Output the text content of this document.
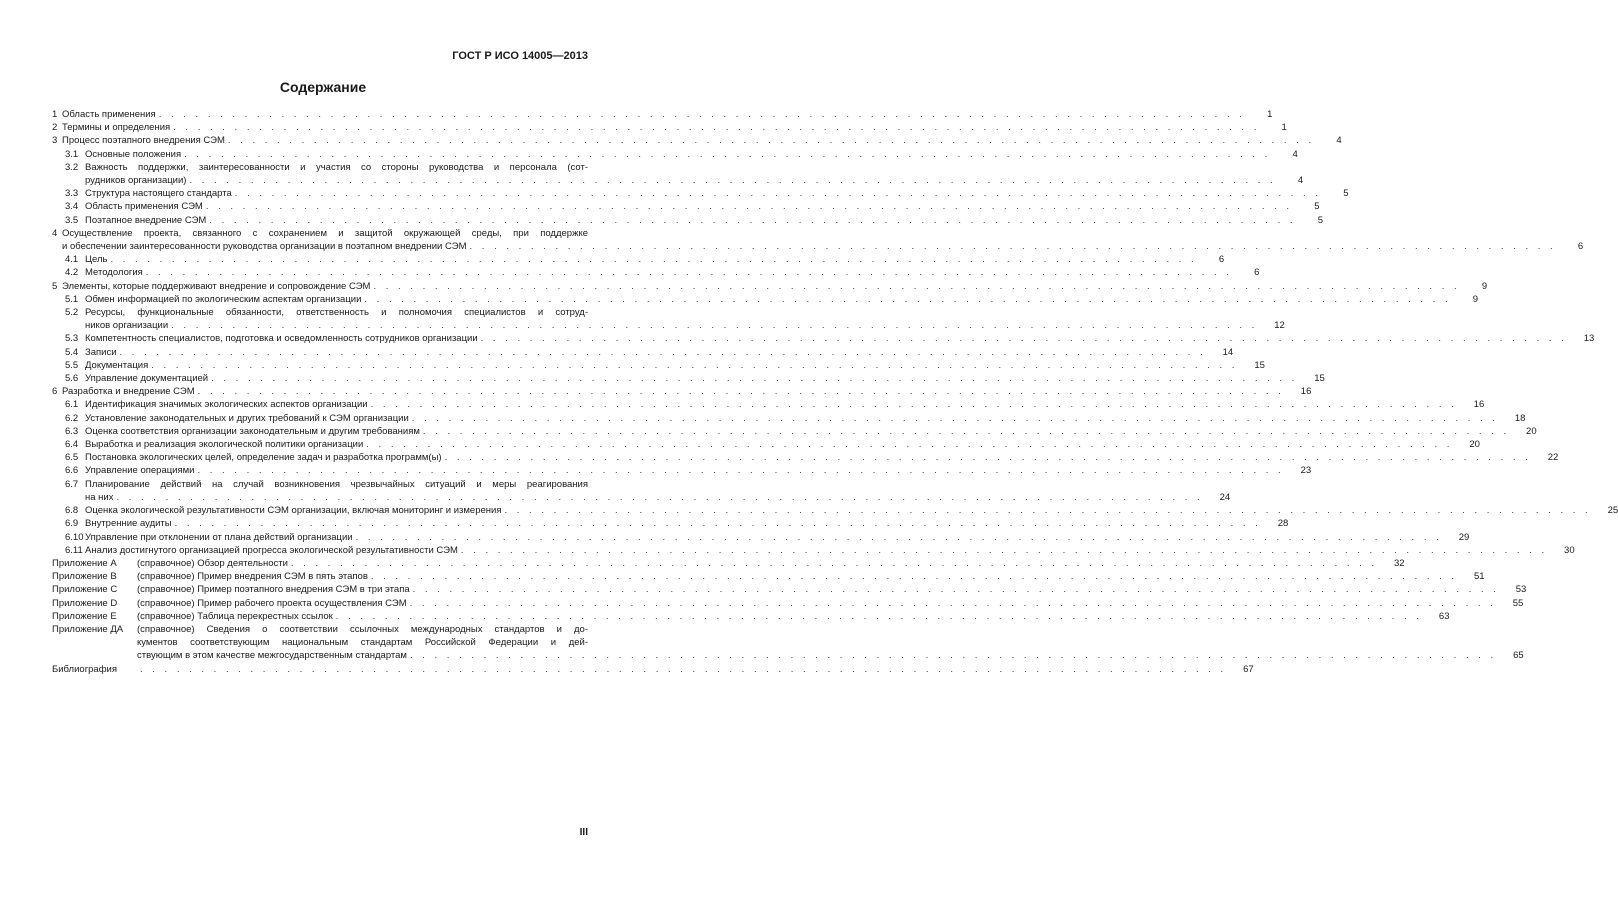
ГОСТ Р ИСО 14005—2013
Содержание
1 Область применения . . . . . . . . . . . . . . . . . . . . . . . . . . . . . . . . . . . . . . . . . . . . . . . . . . . . . . . . . . . . . . . . . . . . . . . . . . . . . . . . . . . . . . . . .	1
2 Термины и определения . . . . . . . . . . . . . . . . . . . . . . . . . . . . . . . . . . . . . . . . . . . . . . . . . . . . . . . . . . . . . . . . . . . . . . . . . . . . . . . . . . . . . . . . .	1
3 Процесс поэтапного внедрения СЭМ . . . . . . . . . . . . . . . . . . . . . . . . . . . . . . . . . . . . . . . . . . . . . . . . . . . . . . . . . . . . . . . . . . . . . . . . . . . . . . . . . . . . . . . . .	4
3.1 Основные положения . . . . . . . . . . . . . . . . . . . . . . . . . . . . . . . . . . . . . . . . . . . . . . . . . . . . . . . . . . . . . . . . . . . . . . . . . . . . . . . . . . . . . . . . .	4
3.2 Важность поддержки, заинтересованности и участия со стороны руководства и персонала (сот-
рудников организации) . . . . . . . . . . . . . . . . . . . . . . . . . . . . . . . . . . . . . . . . . . . . . . . . . . . . . . . . . . . . . . . . . . . . . . . . . . . . . . . . . . . . . . . . .	4
3.3 Структура настоящего стандарта . . . . . . . . . . . . . . . . . . . . . . . . . . . . . . . . . . . . . . . . . . . . . . . . . . . . . . . . . . . . . . . . . . . . . . . . . . . . . . . . . . . . . . . . .	5
3.4 Область применения СЭМ . . . . . . . . . . . . . . . . . . . . . . . . . . . . . . . . . . . . . . . . . . . . . . . . . . . . . . . . . . . . . . . . . . . . . . . . . . . . . . . . . . . . . . . . .	5
3.5 Поэтапное внедрение СЭМ . . . . . . . . . . . . . . . . . . . . . . . . . . . . . . . . . . . . . . . . . . . . . . . . . . . . . . . . . . . . . . . . . . . . . . . . . . . . . . . . . . . . . . . . .	5
4 Осуществление проекта, связанного с сохранением и защитой окружающей среды, при поддержке
и обеспечении заинтересованности руководства организации в поэтапном внедрении СЭМ . . . . . . . . . . . . . . . . . . . . . . . . . . . . . . . . . . . . . . . . . . . . . . . . . . . . . . . . . . . . . . . . . . . . . . . . . . . . . . . . . . . . . . . . .	6
4.1 Цель . . . . . . . . . . . . . . . . . . . . . . . . . . . . . . . . . . . . . . . . . . . . . . . . . . . . . . . . . . . . . . . . . . . . . . . . . . . . . . . . . . . . . . . . .	6
4.2 Методология . . . . . . . . . . . . . . . . . . . . . . . . . . . . . . . . . . . . . . . . . . . . . . . . . . . . . . . . . . . . . . . . . . . . . . . . . . . . . . . . . . . . . . . . .	6
5 Элементы, которые поддерживают внедрение и сопровождение СЭМ . . . . . . . . . . . . . . . . . . . . . . . . . . . . . . . . . . . . . . . . . . . . . . . . . . . . . . . . . . . . . . . . . . . . . . . . . . . . . . . . . . . . . . . . .	9
5.1 Обмен информацией по экологическим аспектам организации . . . . . . . . . . . . . . . . . . . . . . . . . . . . . . . . . . . . . . . . . . . . . . . . . . . . . . . . . . . . . . . . . . . . . . . . . . . . . . . . . . . . . . . . .	9
5.2 Ресурсы, функциональные обязанности, ответственность и полномочия специалистов и сотруд-
ников организации . . . . . . . . . . . . . . . . . . . . . . . . . . . . . . . . . . . . . . . . . . . . . . . . . . . . . . . . . . . . . . . . . . . . . . . . . . . . . . . . . . . . . . . . .	12
5.3 Компетентность специалистов, подготовка и осведомленность сотрудников организации . . . . . . . . . . . . . . . . . . . . . . . . . . . . . . . . . . . . . . . . . . . . . . . . . . . . . . . . . . . . . . . . . . . . . . . . . . . . . . . . . . . . . . . . .	13
5.4 Записи . . . . . . . . . . . . . . . . . . . . . . . . . . . . . . . . . . . . . . . . . . . . . . . . . . . . . . . . . . . . . . . . . . . . . . . . . . . . . . . . . . . . . . . . .	14
5.5 Документация . . . . . . . . . . . . . . . . . . . . . . . . . . . . . . . . . . . . . . . . . . . . . . . . . . . . . . . . . . . . . . . . . . . . . . . . . . . . . . . . . . . . . . . . .	15
5.6 Управление документацией . . . . . . . . . . . . . . . . . . . . . . . . . . . . . . . . . . . . . . . . . . . . . . . . . . . . . . . . . . . . . . . . . . . . . . . . . . . . . . . . . . . . . . . . .	15
6 Разработка и внедрение СЭМ . . . . . . . . . . . . . . . . . . . . . . . . . . . . . . . . . . . . . . . . . . . . . . . . . . . . . . . . . . . . . . . . . . . . . . . . . . . . . . . . . . . . . . . . .	16
6.1 Идентификация значимых экологических аспектов организации . . . . . . . . . . . . . . . . . . . . . . . . . . . . . . . . . . . . . . . . . . . . . . . . . . . . . . . . . . . . . . . . . . . . . . . . . . . . . . . . . . . . . . . . .	16
6.2 Установление законодательных и других требований к СЭМ организации . . . . . . . . . . . . . . . . . . . . . . . . . . . . . . . . . . . . . . . . . . . . . . . . . . . . . . . . . . . . . . . . . . . . . . . . . . . . . . . . . . . . . . . . .	18
6.3 Оценка соответствия организации законодательным и другим требованиям . . . . . . . . . . . . . . . . . . . . . . . . . . . . . . . . . . . . . . . . . . . . . . . . . . . . . . . . . . . . . . . . . . . . . . . . . . . . . . . . . . . . . . . . .	20
6.4 Выработка и реализация экологической политики организации . . . . . . . . . . . . . . . . . . . . . . . . . . . . . . . . . . . . . . . . . . . . . . . . . . . . . . . . . . . . . . . . . . . . . . . . . . . . . . . . . . . . . . . . .	20
6.5 Постановка экологических целей, определение задач и разработка программ(ы) . . . . . . . . . . . . . . . . . . . . . . . . . . . . . . . . . . . . . . . . . . . . . . . . . . . . . . . . . . . . . . . . . . . . . . . . . . . . . . . . . . . . . . . . .	22
6.6 Управление операциями . . . . . . . . . . . . . . . . . . . . . . . . . . . . . . . . . . . . . . . . . . . . . . . . . . . . . . . . . . . . . . . . . . . . . . . . . . . . . . . . . . . . . . . . .	23
6.7 Планирование действий на случай возникновения чрезвычайных ситуаций и меры реагирования
на них . . . . . . . . . . . . . . . . . . . . . . . . . . . . . . . . . . . . . . . . . . . . . . . . . . . . . . . . . . . . . . . . . . . . . . . . . . . . . . . . . . . . . . . . .	24
6.8 Оценка экологической результативности СЭМ организации, включая мониторинг и измерения . . . . . . . . . . . . . . . . . . . . . . . . . . . . . . . . . . . . . . . . . . . . . . . . . . . . . . . . . . . . . . . . . . . . . . . . . . . . . . . . . . . . . . . . .	25
6.9 Внутренние аудиты . . . . . . . . . . . . . . . . . . . . . . . . . . . . . . . . . . . . . . . . . . . . . . . . . . . . . . . . . . . . . . . . . . . . . . . . . . . . . . . . . . . . . . . . .	28
6.10 Управление при отклонении от плана действий организации . . . . . . . . . . . . . . . . . . . . . . . . . . . . . . . . . . . . . . . . . . . . . . . . . . . . . . . . . . . . . . . . . . . . . . . . . . . . . . . . . . . . . . . . .	29
6.11 Анализ достигнутого организацией прогресса экологической результативности СЭМ . . . . . . . . . . . . . . . . . . . . . . . . . . . . . . . . . . . . . . . . . . . . . . . . . . . . . . . . . . . . . . . . . . . . . . . . . . . . . . . . . . . . . . . . .	30
Приложение А	(справочное) Обзор деятельности . . . . . . . . . . . . . . . . . . . . . . . . . . . . . . . . . . . . . . . . . . . . . . . . . . . . . . . . . . . . . . . . . . . . . . . . . . . . . . . . . . . . . . . . .	32
Приложение В	(справочное) Пример внедрения СЭМ в пять этапов . . . . . . . . . . . . . . . . . . . . . . . . . . . . . . . . . . . . . . . . . . . . . . . . . . . . . . . . . . . . . . . . . . . . . . . . . . . . . . . . . . . . . . . . .	51
Приложение С	(справочное) Пример поэтапного внедрения СЭМ в три этапа . . . . . . . . . . . . . . . . . . . . . . . . . . . . . . . . . . . . . . . . . . . . . . . . . . . . . . . . . . . . . . . . . . . . . . . . . . . . . . . . . . . . . . . . .	53
Приложение D	(справочное) Пример рабочего проекта осуществления СЭМ . . . . . . . . . . . . . . . . . . . . . . . . . . . . . . . . . . . . . . . . . . . . . . . . . . . . . . . . . . . . . . . . . . . . . . . . . . . . . . . . . . . . . . . . .	55
Приложение Е	(справочное) Таблица перекрестных ссылок . . . . . . . . . . . . . . . . . . . . . . . . . . . . . . . . . . . . . . . . . . . . . . . . . . . . . . . . . . . . . . . . . . . . . . . . . . . . . . . . . . . . . . . . .	63
Приложение ДА	(справочное) Сведения о соответствии ссылочных международных стандартов и до-
кументов соответствующим национальным стандартам Российской Федерации и дей-
ствующим в этом качестве межгосударственным стандартам . . . . . . . . . . . . . . . . . . . . . . . . . . . . . . . . . . . . . . . . . . . . . . . . . . . . . . . . . . . . . . . . . . . . . . . . . . . . . . . . . . . . . . . . .	65
Библиография	. . . . . . . . . . . . . . . . . . . . . . . . . . . . . . . . . . . . . . . . . . . . . . . . . . . . . . . . . . . . . . . . . . . . . . . . . . . . . . . . . . . . . . . . .	67
III
